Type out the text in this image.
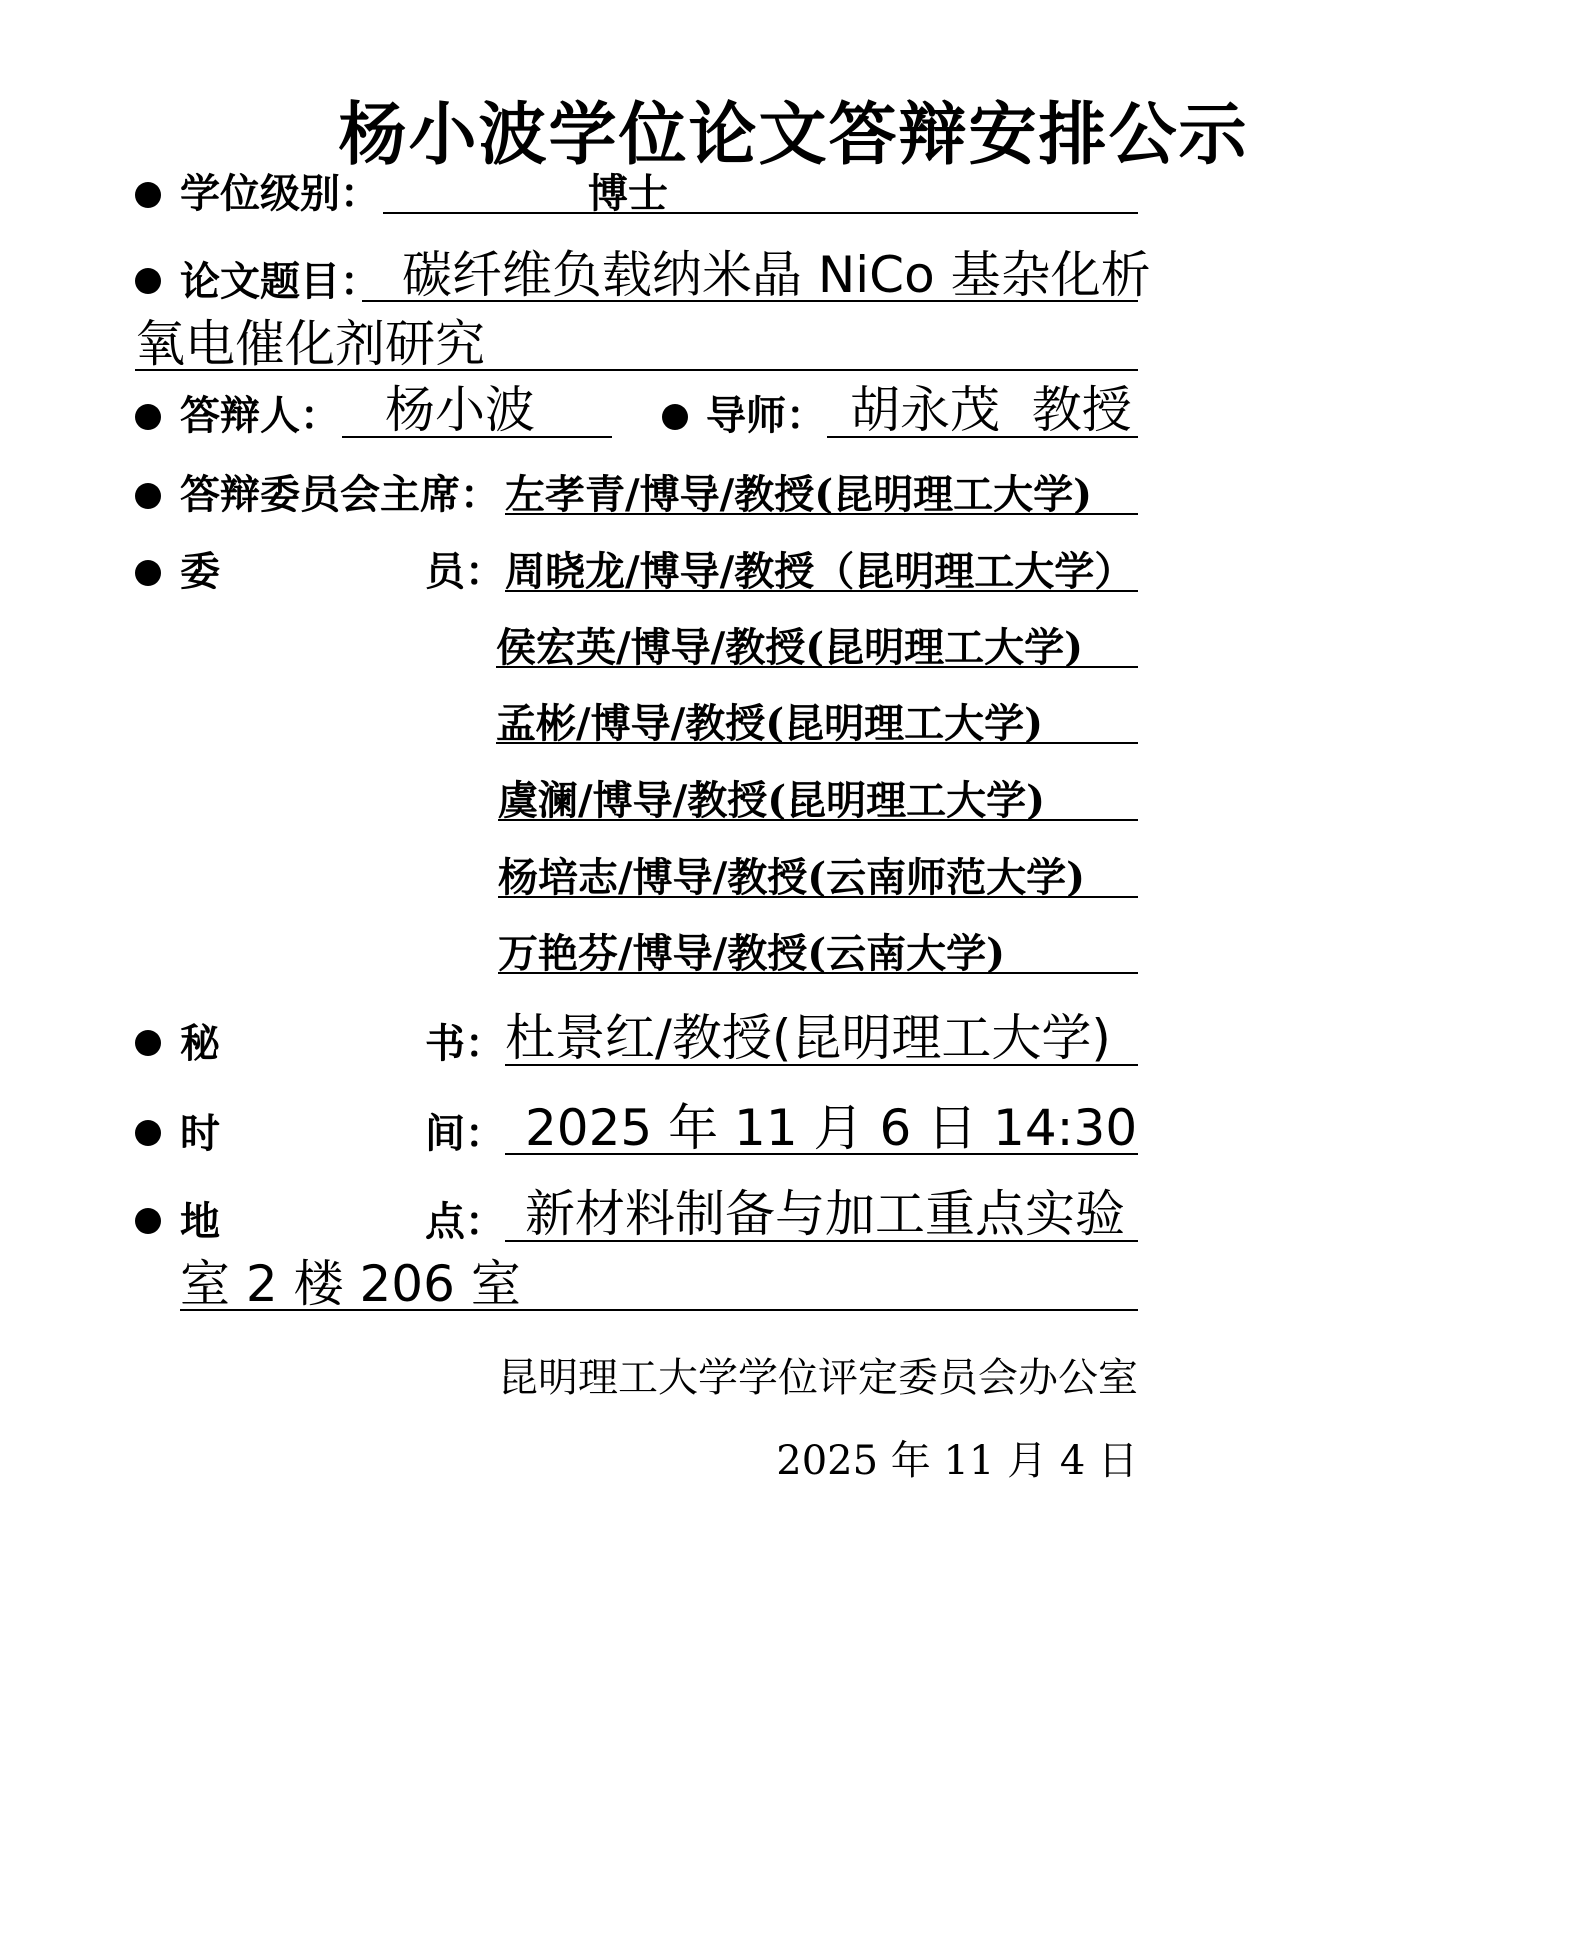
杨小波学位论文答辩安排公示
学位级别：	博士
论文题目： 碳纤维负载纳米晶 NiCo 基杂化析
氧电催化剂研究
答辩人： 杨小波	导师： 胡永茂  教授
答辩委员会主席： 左孝青/博导/教授(昆明理工大学)
委	员： 周晓龙/博导/教授（昆明理工大学）
侯宏英/博导/教授(昆明理工大学)
孟彬/博导/教授(昆明理工大学)
虞澜/博导/教授(昆明理工大学)
杨培志/博导/教授(云南师范大学)
万艳芬/博导/教授(云南大学)
秘	书： 杜景红/教授(昆明理工大学)
时	间： 2025 年 11 月 6 日 14:30
地	点： 新材料制备与加工重点实验
室 2 楼 206 室
昆明理工大学学位评定委员会办公室
2025 年 11 月 4 日
